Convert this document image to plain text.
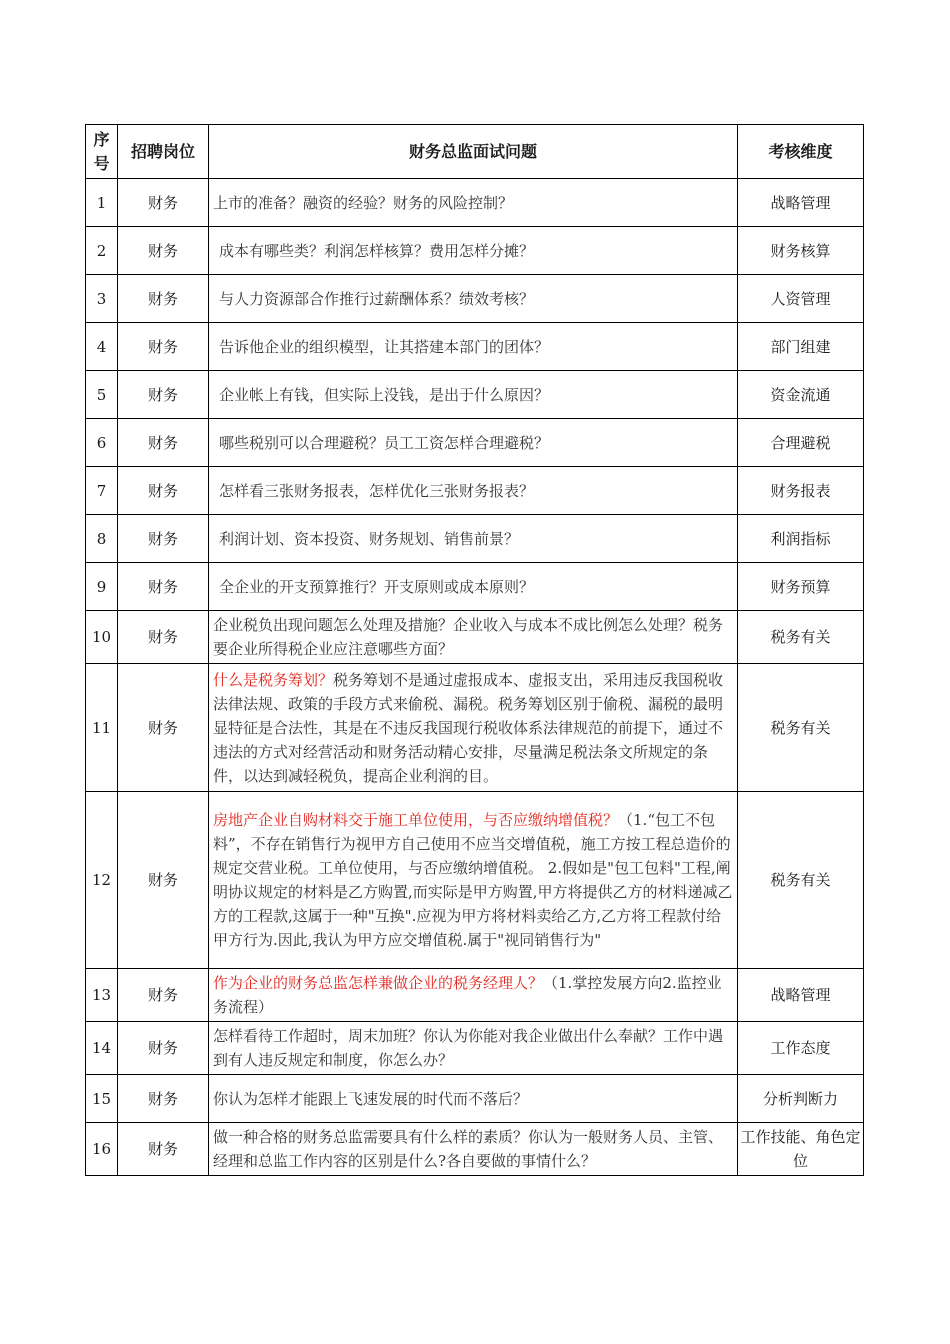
序号	招聘岗位	财务总监面试问题	考核维度
1	财务	上市的准备？融资的经验？财务的风险控制？	战略管理
2	财务	成本有哪些类？利润怎样核算？费用怎样分摊？	财务核算
3	财务	与人力资源部合作推行过薪酬体系？绩效考核？	人资管理
4	财务	告诉他企业的组织模型，让其搭建本部门的团体？	部门组建
5	财务	企业帐上有钱，但实际上没钱，是出于什么原因？	资金流通
6	财务	哪些税别可以合理避税？员工工资怎样合理避税？	合理避税
7	财务	怎样看三张财务报表，怎样优化三张财务报表？	财务报表
8	财务	利润计划、资本投资、财务规划、销售前景？	利润指标
9	财务	全企业的开支预算推行？开支原则或成本原则？	财务预算
10	财务	企业税负出现问题怎么处理及措施？企业收入与成本不成比例怎么处理？税务要企业所得税企业应注意哪些方面？	税务有关
11	财务	什么是税务筹划？税务筹划不是通过虚报成本、虚报支出，采用违反我国税收法律法规、政策的手段方式来偷税、漏税。税务筹划区别于偷税、漏税的最明显特征是合法性，其是在不违反我国现行税收体系法律规范的前提下，通过不违法的方式对经营活动和财务活动精心安排，尽量满足税法条文所规定的条件，以达到减轻税负，提高企业利润的目。	税务有关
12	财务	房地产企业自购材料交于施工单位使用，与否应缴纳增值税？（1.“包工不包料”，不存在销售行为视甲方自己使用不应当交增值税，施工方按工程总造价的规定交营业税。工单位使用，与否应缴纳增值税。 2.假如是"包工包料"工程,阐明协议规定的材料是乙方购置,而实际是甲方购置,甲方将提供乙方的材料递减乙方的工程款,这属于一种"互换".应视为甲方将材料卖给乙方,乙方将工程款付给甲方行为.因此,我认为甲方应交增值税.属于"视同销售行为"	税务有关
13	财务	作为企业的财务总监怎样兼做企业的税务经理人？（1.掌控发展方向2.监控业务流程）	战略管理
14	财务	怎样看待工作超时，周末加班？你认为你能对我企业做出什么奉献？工作中遇到有人违反规定和制度，你怎么办？	工作态度
15	财务	你认为怎样才能跟上飞速发展的时代而不落后？	分析判断力
16	财务	做一种合格的财务总监需要具有什么样的素质？你认为一般财务人员、主管、经理和总监工作内容的区别是什么?各自要做的事情什么？	工作技能、角色定位
